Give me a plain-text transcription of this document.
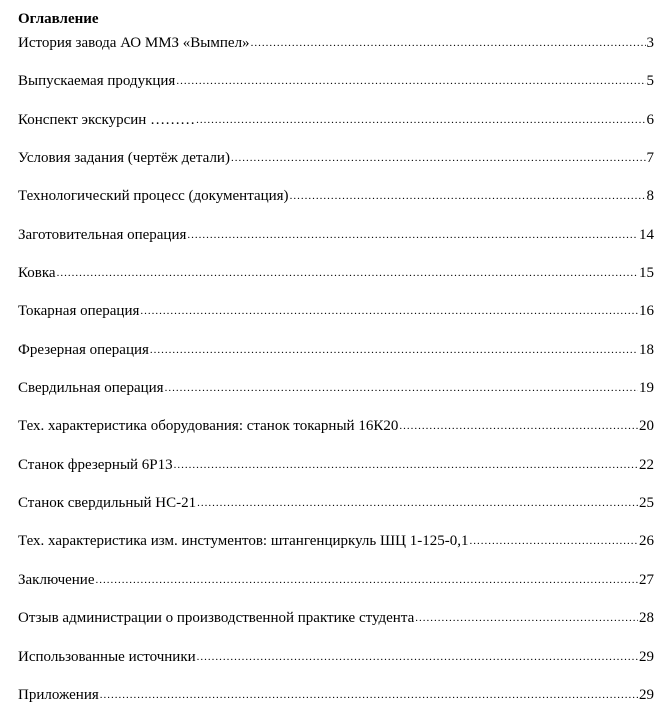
Оглавление
История завода АО ММЗ «Вымпел» .....	3
Выпускаемая продукция .....	5
Конспект экскурсин ……… .....	6
Условия задания (чертёж детали) .....	7
Технологический процесс (документация) .....	8
Заготовительная операция .....	14
Ковка .....	15
Токарная операция .....	16
Фрезерная операция .....	18
Свердильная операция .....	19
Тех. характеристика оборудования: станок токарный 16К20 .....	20
Станок фрезерный 6Р13 .....	22
Станок свердильный НС-21 .....	25
Тех. характеристика изм. инстументов: штангенциркуль ШЦ 1-125-0,1 .....	26
Заключение .....	27
Отзыв администрации о производственной практике студента .....	28
Использованные источники .....	29
Приложения .....	29
